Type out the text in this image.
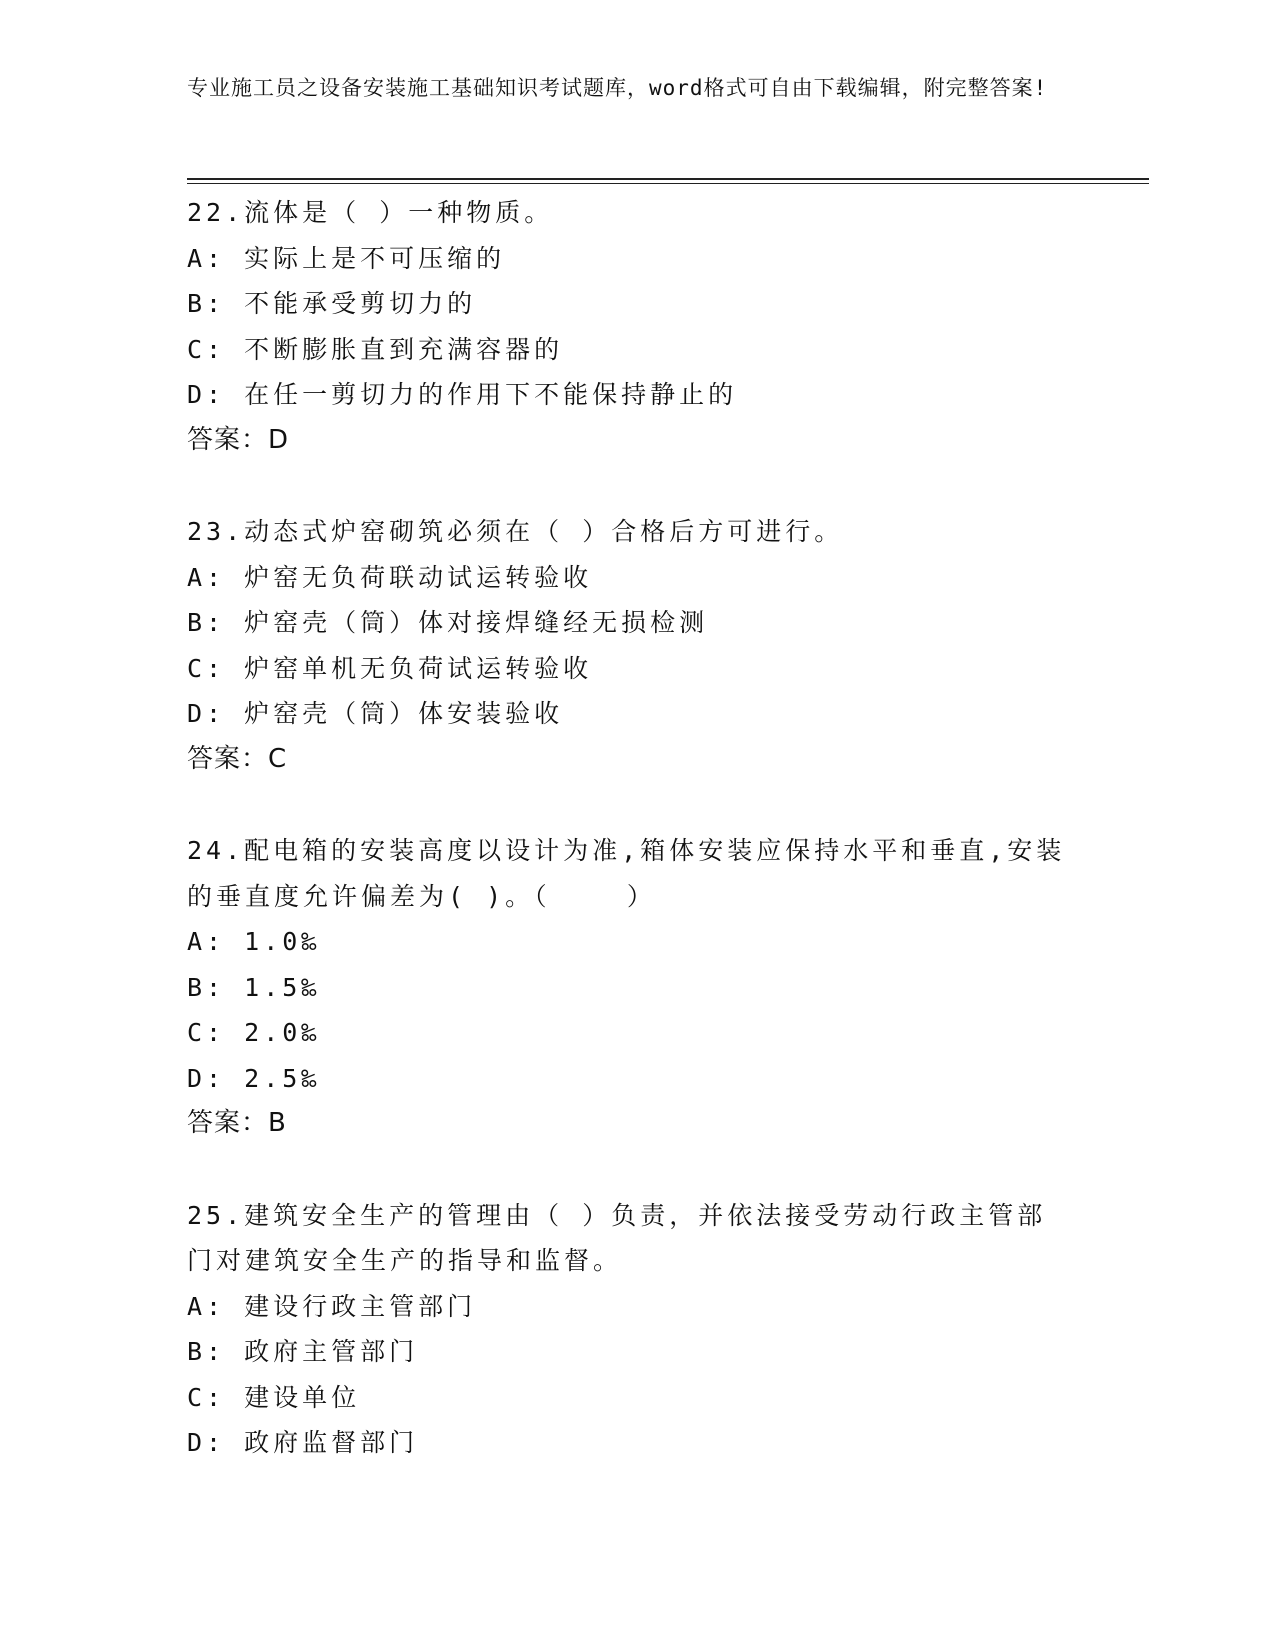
专业施工员之设备安装施工基础知识考试题库，word格式可自由下载编辑，附完整答案!
22.流体是（ ）一种物质。
A: 实际上是不可压缩的
B: 不能承受剪切力的
C: 不断膨胀直到充满容器的
D: 在任一剪切力的作用下不能保持静止的
答案：D
23.动态式炉窑砌筑必须在（ ）合格后方可进行。
A: 炉窑无负荷联动试运转验收
B: 炉窑壳（筒）体对接焊缝经无损检测
C: 炉窑单机无负荷试运转验收
D: 炉窑壳（筒）体安装验收
答案：C
24.配电箱的安装高度以设计为准,箱体安装应保持水平和垂直,安装的垂直度允许偏差为( )。（    ）
A: 1.0‰
B: 1.5‰
C: 2.0‰
D: 2.5‰
答案：B
25.建筑安全生产的管理由（ ）负责，并依法接受劳动行政主管部门对建筑安全生产的指导和监督。
A: 建设行政主管部门
B: 政府主管部门
C: 建设单位
D: 政府监督部门
